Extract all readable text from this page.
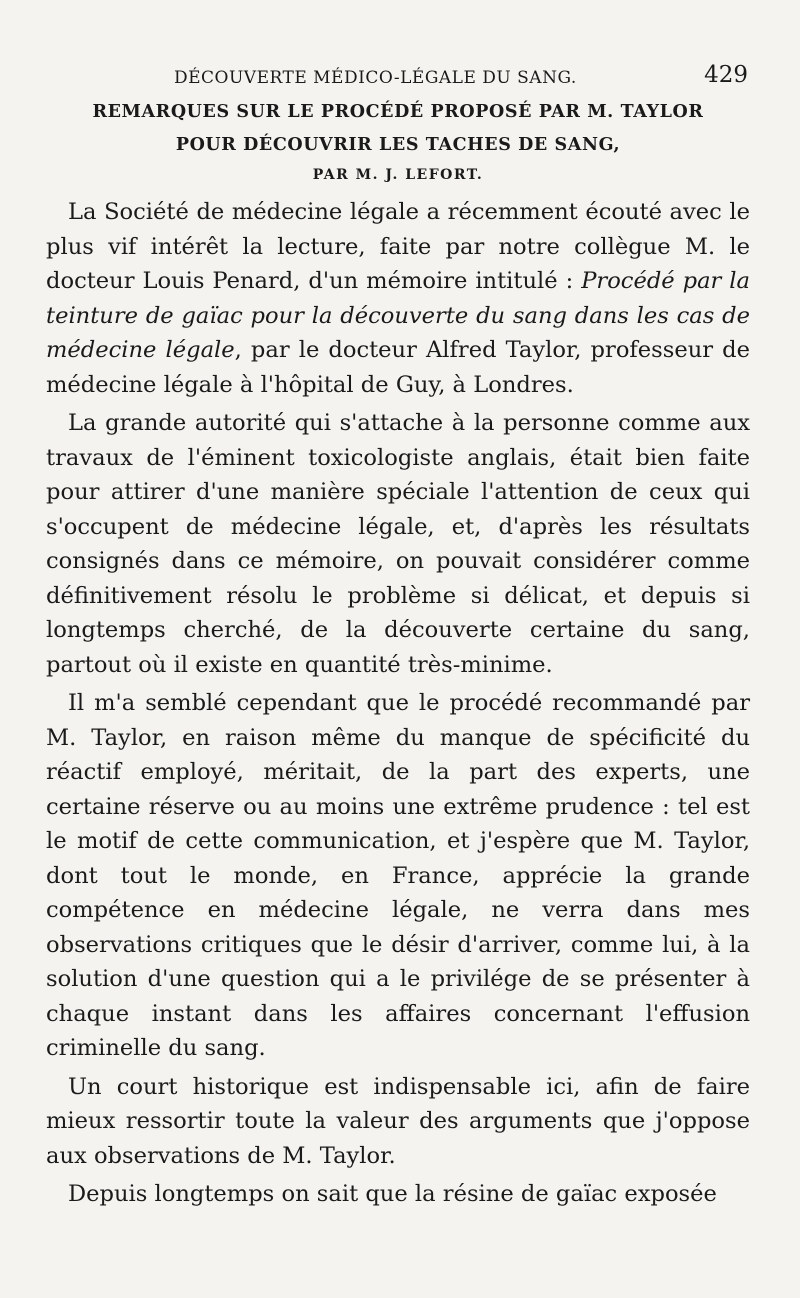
DÉCOUVERTE MÉDICO-LÉGALE DU SANG.	429
REMARQUES SUR LE PROCÉDÉ PROPOSÉ PAR M. TAYLOR
POUR DÉCOUVRIR LES TACHES DE SANG,
PAR M. J. LEFORT.

La Société de médecine légale a récemment écouté avec le plus vif intérêt la lecture, faite par notre collègue M. le docteur Louis Penard, d'un mémoire intitulé : Procédé par la teinture de gaïac pour la découverte du sang dans les cas de médecine légale, par le docteur Alfred Taylor, professeur de médecine légale à l'hôpital de Guy, à Londres.

La grande autorité qui s'attache à la personne comme aux travaux de l'éminent toxicologiste anglais, était bien faite pour attirer d'une manière spéciale l'attention de ceux qui s'occupent de médecine légale, et, d'après les résultats consignés dans ce mémoire, on pouvait considérer comme définitivement résolu le problème si délicat, et depuis si longtemps cherché, de la découverte certaine du sang, partout où il existe en quantité très-minime.

Il m'a semblé cependant que le procédé recommandé par M. Taylor, en raison même du manque de spécificité du réactif employé, méritait, de la part des experts, une certaine réserve ou au moins une extrême prudence : tel est le motif de cette communication, et j'espère que M. Taylor, dont tout le monde, en France, apprécie la grande compétence en médecine légale, ne verra dans mes observations critiques que le désir d'arriver, comme lui, à la solution d'une question qui a le privilége de se présenter à chaque instant dans les affaires concernant l'effusion criminelle du sang.

Un court historique est indispensable ici, afin de faire mieux ressortir toute la valeur des arguments que j'oppose aux observations de M. Taylor.

Depuis longtemps on sait que la résine de gaïac exposée
